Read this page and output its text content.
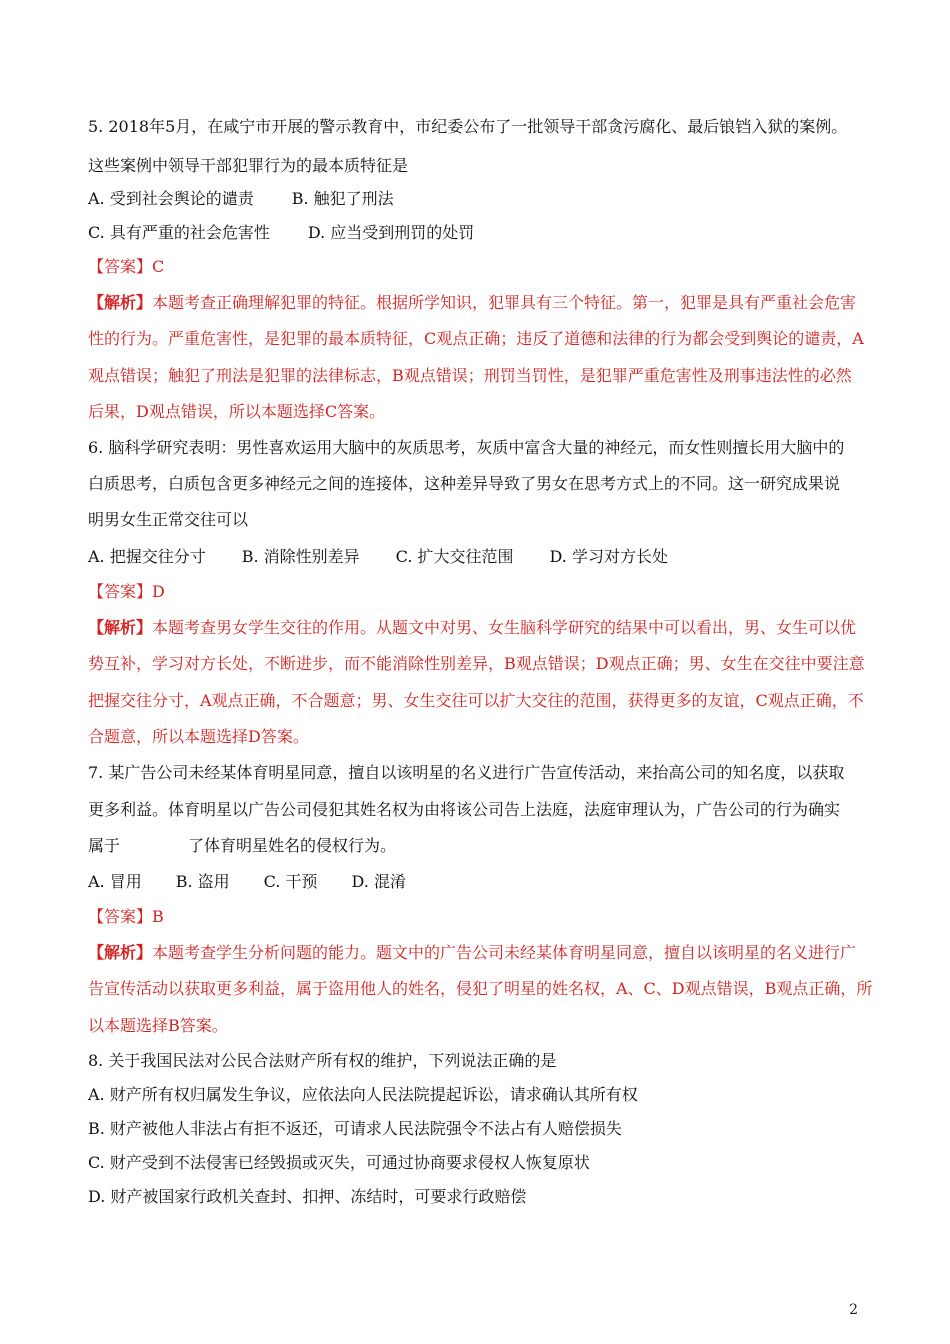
5. 2018年5月，在咸宁市开展的警示教育中，市纪委公布了一批领导干部贪污腐化、最后锒铛入狱的案例。
这些案例中领导干部犯罪行为的最本质特征是
A. 受到社会舆论的谴责 B. 触犯了刑法
C. 具有严重的社会危害性 D. 应当受到刑罚的处罚
【答案】C
【解析】本题考查正确理解犯罪的特征。根据所学知识，犯罪具有三个特征。第一，犯罪是具有严重社会危害
性的行为。严重危害性，是犯罪的最本质特征，C观点正确；违反了道德和法律的行为都会受到舆论的谴责，A
观点错误；触犯了刑法是犯罪的法律标志，B观点错误；刑罚当罚性，是犯罪严重危害性及刑事违法性的必然
后果，D观点错误，所以本题选择C答案。
6. 脑科学研究表明：男性喜欢运用大脑中的灰质思考，灰质中富含大量的神经元，而女性则擅长用大脑中的
白质思考，白质包含更多神经元之间的连接体，这种差异导致了男女在思考方式上的不同。这一研究成果说
明男女生正常交往可以
A. 把握交往分寸 B. 消除性别差异 C. 扩大交往范围 D. 学习对方长处
【答案】D
【解析】本题考查男女学生交往的作用。从题文中对男、女生脑科学研究的结果中可以看出，男、女生可以优
势互补，学习对方长处，不断进步，而不能消除性别差异，B观点错误；D观点正确；男、女生在交往中要注意
把握交往分寸，A观点正确，不合题意；男、女生交往可以扩大交往的范围，获得更多的友谊，C观点正确，不
合题意，所以本题选择D答案。
7. 某广告公司未经某体育明星同意，擅自以该明星的名义进行广告宣传活动，来抬高公司的知名度，以获取
更多利益。体育明星以广告公司侵犯其姓名权为由将该公司告上法庭，法庭审理认为，广告公司的行为确实
属于	了体育明星姓名的侵权行为。
A. 冒用 B. 盗用 C. 干预 D. 混淆
【答案】B
【解析】本题考查学生分析问题的能力。题文中的广告公司未经某体育明星同意，擅自以该明星的名义进行广
告宣传活动以获取更多利益，属于盗用他人的姓名，侵犯了明星的姓名权，A、C、D观点错误，B观点正确，所
以本题选择B答案。
8. 关于我国民法对公民合法财产所有权的维护，下列说法正确的是
A. 财产所有权归属发生争议，应依法向人民法院提起诉讼，请求确认其所有权
B. 财产被他人非法占有拒不返还，可请求人民法院强令不法占有人赔偿损失
C. 财产受到不法侵害已经毁损或灭失，可通过协商要求侵权人恢复原状
D. 财产被国家行政机关查封、扣押、冻结时，可要求行政赔偿
2
